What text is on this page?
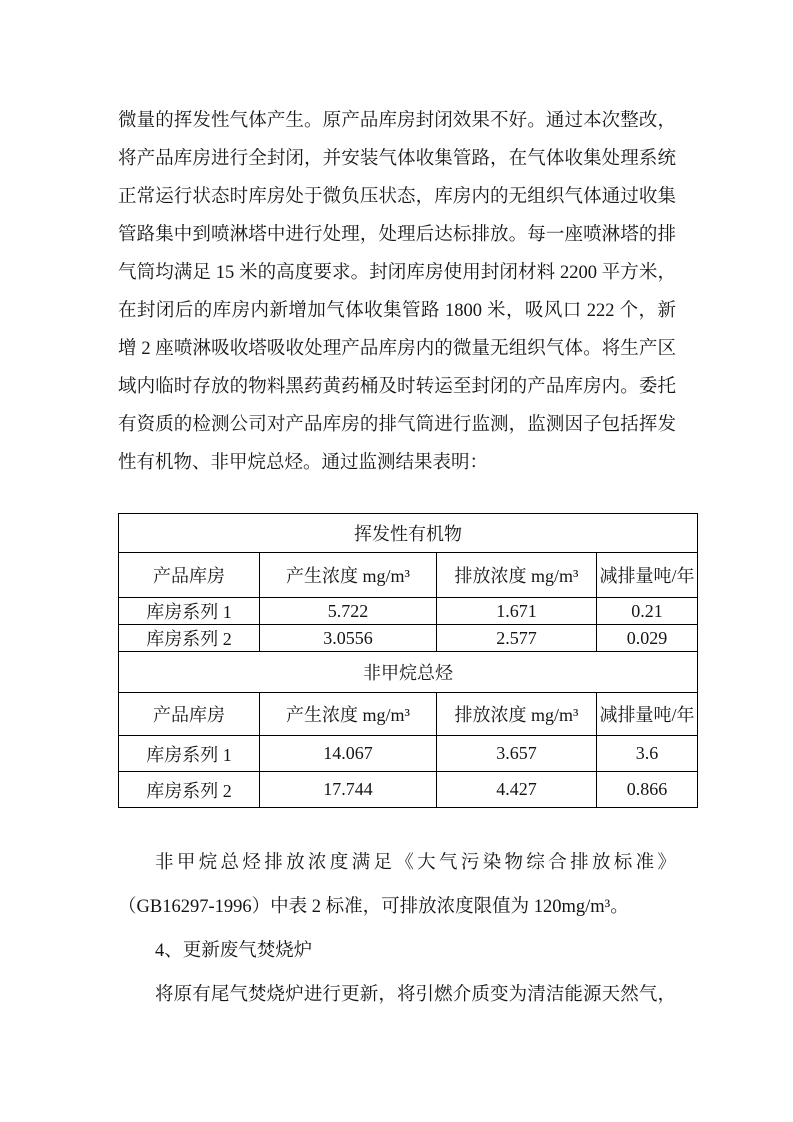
微量的挥发性气体产生。原产品库房封闭效果不好。通过本次整改，
将产品库房进行全封闭，并安装气体收集管路，在气体收集处理系统
正常运行状态时库房处于微负压状态，库房内的无组织气体通过收集
管路集中到喷淋塔中进行处理，处理后达标排放。每一座喷淋塔的排
气筒均满足 15 米的高度要求。封闭库房使用封闭材料 2200 平方米，
在封闭后的库房内新增加气体收集管路 1800 米，吸风口 222 个，新
增 2 座喷淋吸收塔吸收处理产品库房内的微量无组织气体。将生产区
域内临时存放的物料黑药黄药桶及时转运至封闭的产品库房内。委托
有资质的检测公司对产品库房的排气筒进行监测，监测因子包括挥发
性有机物、非甲烷总烃。通过监测结果表明：
挥发性有机物			
产品库房	产生浓度 mg/m³	排放浓度 mg/m³	减排量吨/年
库房系列 1	5.722	1.671	0.21
库房系列 2	3.0556	2.577	0.029
非甲烷总烃			
产品库房	产生浓度 mg/m³	排放浓度 mg/m³	减排量吨/年
库房系列 1	14.067	3.657	3.6
库房系列 2	17.744	4.427	0.866
非甲烷总烃排放浓度满足《大气污染物综合排放标准》
（GB16297-1996）中表 2 标准，可排放浓度限值为 120mg/m³。
4、更新废气焚烧炉
将原有尾气焚烧炉进行更新，将引燃介质变为清洁能源天然气，
